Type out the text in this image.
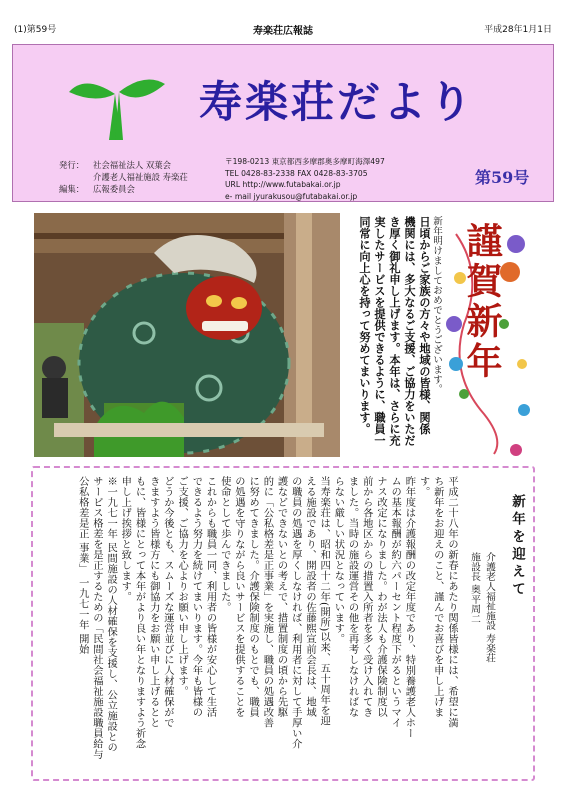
(1)第59号	寿楽荘広報誌	平成28年1月1日
寿楽荘だより
発行： 社会福祉法人 双葉会
介護老人福祉施設 寿楽荘
編集： 広報委員会
〒198-0213 東京都西多摩郡奥多摩町海澤497
TEL 0428-83-2338 FAX 0428-83-3705
URL http://www.futabakai.or.jp
e- mail jyurakusou@futabakai.or.jp
第59号
日頃からご家族の方々や地域の皆様、関係
機関には、多大なるご支援、ご協力をいただ
き厚く御礼申し上げます。本年は、さらに充
実したサービスを提供できるように、職員一
同常に向上心を持って努めてまいります。	新年明けましておめでとうございます。 謹賀新年
新年を迎えて
介護老人福祉施設 寿楽荘
施設長 奥平周二
平成二十八年の新春にあたり関係皆様には、希望に満
ち新年をお迎えのこと、謹んでお喜びを申し上げま
す。
昨年度は介護報酬の改定年度であり、特別養護老人ホー
ムの基本報酬が約六パーセント程度下がるというマイ
ナス改定になりました。わが法人も介護保険制度以
前から各地区からの措置入所者を多く受け入れてき
ました。当時の施設運営その他を再考しなければな
らない厳しい状況となっています。
当寿楽荘は、昭和四十二年(開所)以来、五十周年を迎
える施設であり、開設者の佐藤熙宣前会長は、地域
の職員の処遇を厚くしなければ、利用者に対して手厚い介
護などできないとの考えで、措置制度の頃から先駆
的に「公私格差是正事業」を実施し、職員の処遇改善
に努めてきました。介護保険制度のもとでも、職員
の処遇を守りながら良いサービスを提供することを
使命として歩んできました。
これからも職員一同、利用者の皆様が安心して生活
できるよう努力を続けてまいります。今年も皆様の
ご支援、ご協力を心よりお願い申し上げます。
どうか今後とも、スムーズな運営並びに人材確保がで
きますよう皆様方にも御協力をお願い申し上げるとと
もに、皆様にとって本年がより良い年となりますよう祈念
申し上げ挨拶と致します。
※一九七一年 民間施設の人材確保を支援し、公立施設との
サービス格差を是正するための「民間社会福祉施設職員給与
公私格差是正 事業」 一九七一年 開始
